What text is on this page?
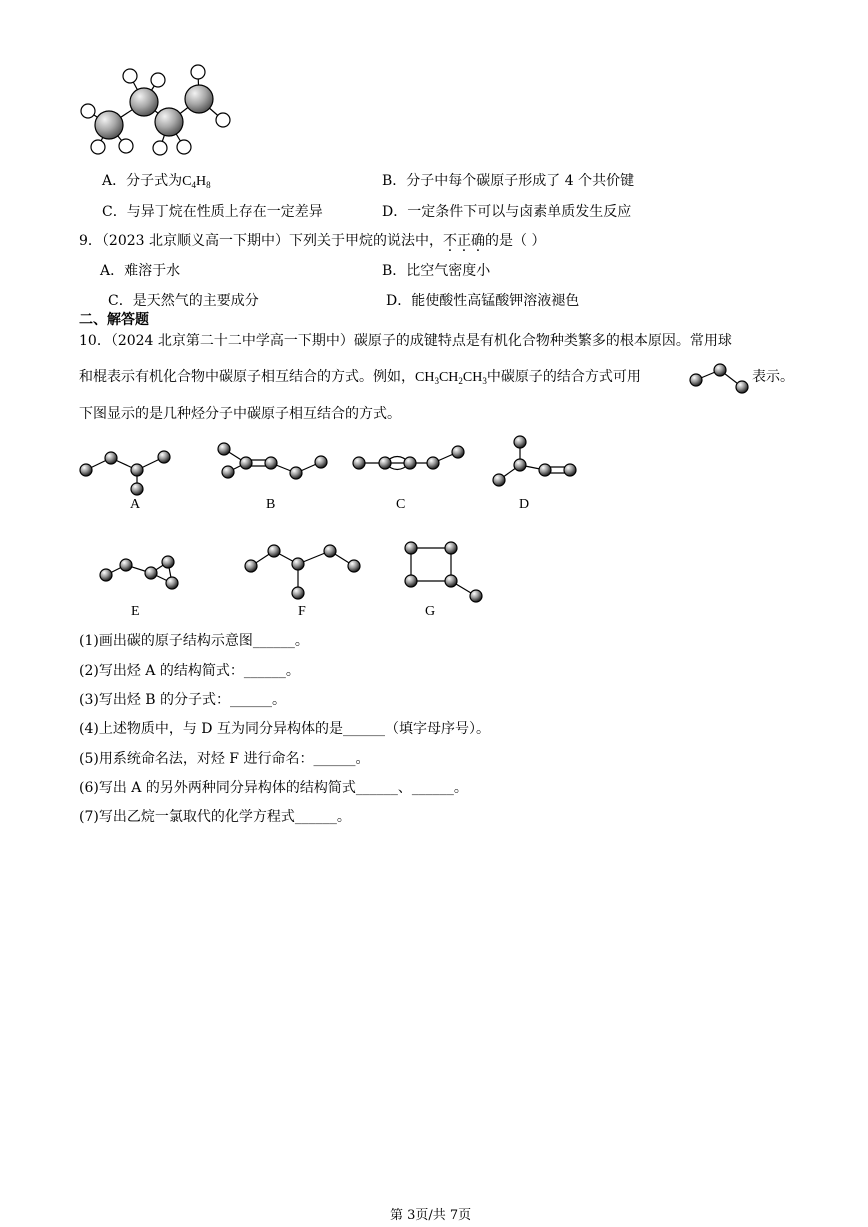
A．分子式为$C_4H_8$	B．分子中每个碳原子形成了 4 个共价键
C．与异丁烷在性质上存在一定差异	D．一定条件下可以与卤素单质发生反应
9．（2023 北京顺义高一下期中）下列关于甲烷的说法中，不正确的是（ ）
A．难溶于水	B．比空气密度小
C．是天然气的主要成分	D．能使酸性高锰酸钾溶液褪色
二、解答题
10．（2024 北京第二十二中学高一下期中）碳原子的成键特点是有机化合物种类繁多的根本原因。常用球
和棍表示有机化合物中碳原子相互结合的方式。例如，$CH_3CH_2CH_3$中碳原子的结合方式可用	表示。
下图显示的是几种烃分子中碳原子相互结合的方式。
A	B	C	D
E	F	G
(1)画出碳的原子结构示意图______。
(2)写出烃 A 的结构简式：______。
(3)写出烃 B 的分子式：______。
(4)上述物质中，与 D 互为同分异构体的是______（填字母序号）。
(5)用系统命名法，对烃 F 进行命名：______。
(6)写出 A 的另外两种同分异构体的结构简式______、______。
(7)写出乙烷一氯取代的化学方程式______。
第 3页/共 7页
